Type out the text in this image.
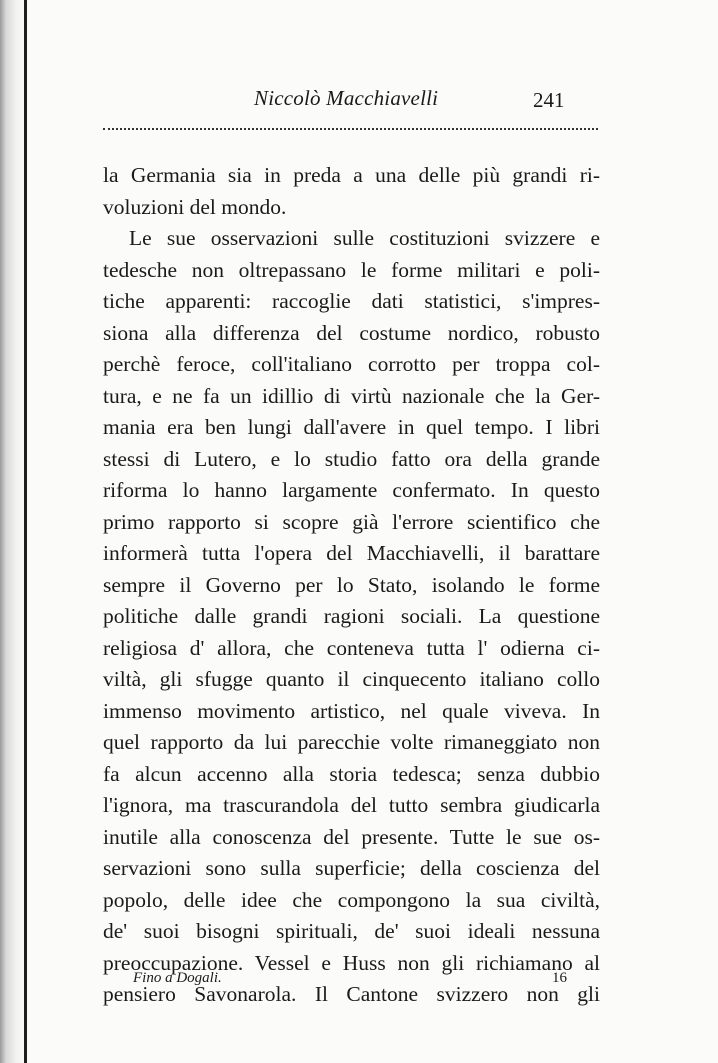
Niccolò Macchiavelli	241
la Germania sia in preda a una delle più grandi ri-
voluzioni del mondo.
Le sue osservazioni sulle costituzioni svizzere e
tedesche non oltrepassano le forme militari e poli-
tiche apparenti: raccoglie dati statistici, s'impres-
siona alla differenza del costume nordico, robusto
perchè feroce, coll'italiano corrotto per troppa col-
tura, e ne fa un idillio di virtù nazionale che la Ger-
mania era ben lungi dall'avere in quel tempo. I libri
stessi di Lutero, e lo studio fatto ora della grande
riforma lo hanno largamente confermato. In questo
primo rapporto si scopre già l'errore scientifico che
informerà tutta l'opera del Macchiavelli, il barattare
sempre il Governo per lo Stato, isolando le forme
politiche dalle grandi ragioni sociali. La questione
religiosa d' allora, che conteneva tutta l' odierna ci-
viltà, gli sfugge quanto il cinquecento italiano collo
immenso movimento artistico, nel quale viveva. In
quel rapporto da lui parecchie volte rimaneggiato non
fa alcun accenno alla storia tedesca; senza dubbio
l'ignora, ma trascurandola del tutto sembra giudicarla
inutile alla conoscenza del presente. Tutte le sue os-
servazioni sono sulla superficie; della coscienza del
popolo, delle idee che compongono la sua civiltà,
de' suoi bisogni spirituali, de' suoi ideali nessuna
preoccupazione. Vessel e Huss non gli richiamano al
pensiero Savonarola. Il Cantone svizzero non gli
Fino a Dogali.	16
